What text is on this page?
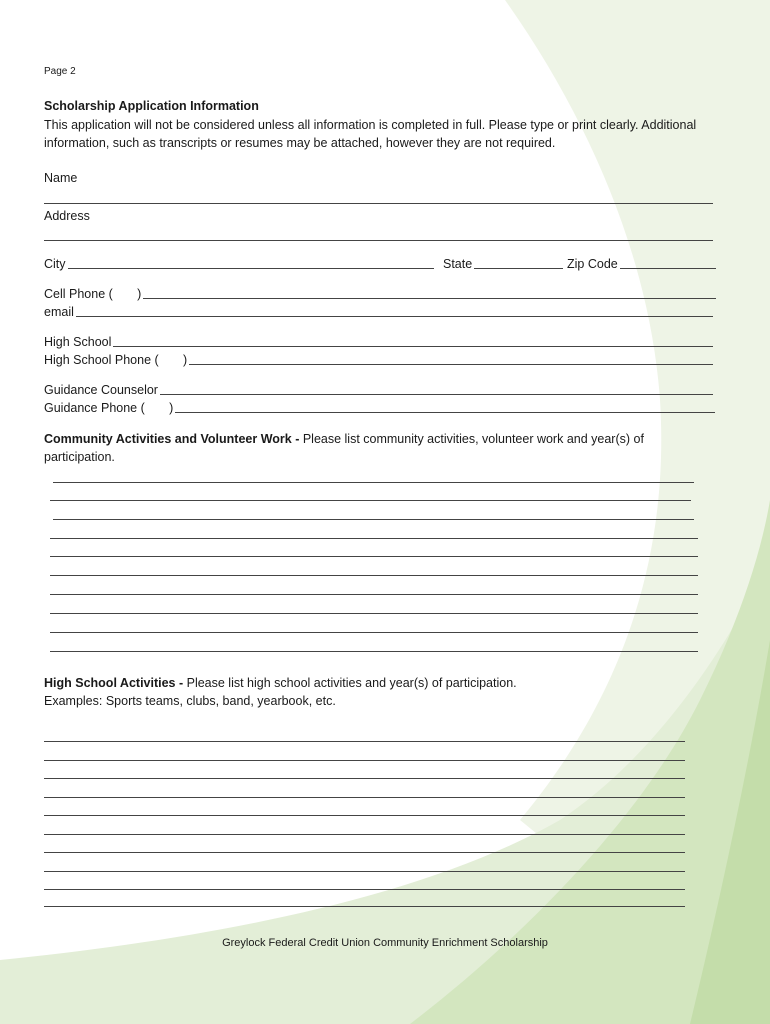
Page 2
Scholarship Application Information
This application will not be considered unless all information is completed in full. Please type or print clearly. Additional information, such as transcripts or resumes may be attached, however they are not required.
Name
Address
City	State	Zip Code
Cell Phone (       )
email
High School
High School Phone (       )
Guidance Counselor
Guidance Phone (       )
Community Activities and Volunteer Work - Please list community activities, volunteer work and year(s) of participation.
High School Activities - Please list high school activities and year(s) of participation.
Examples: Sports teams, clubs, band, yearbook, etc.
Greylock Federal Credit Union Community Enrichment Scholarship
